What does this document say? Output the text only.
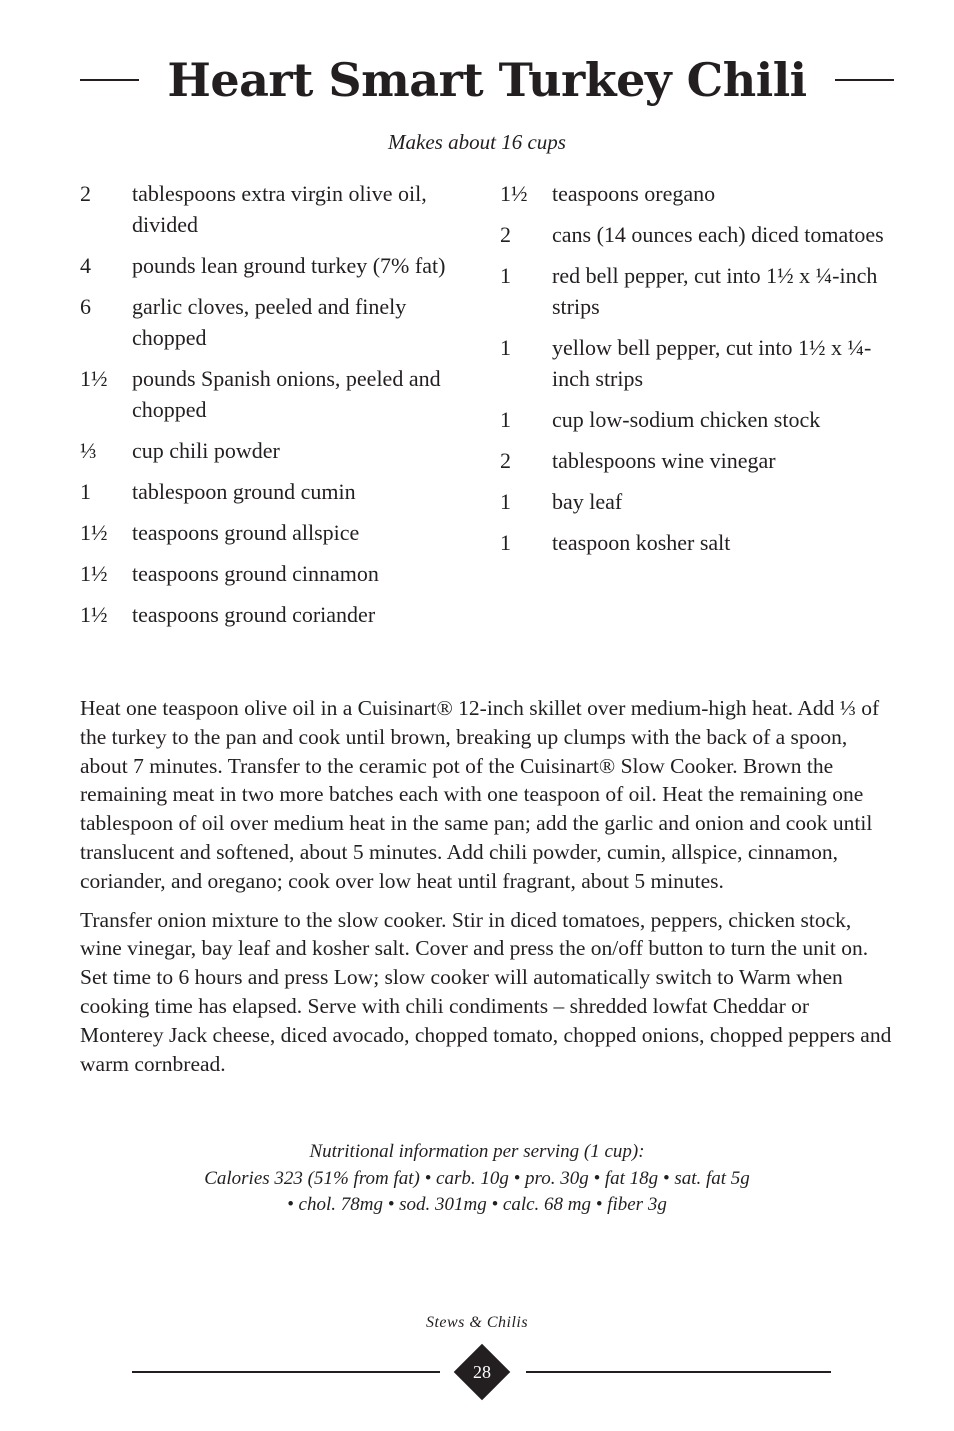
Heart Smart Turkey Chili
Makes about 16 cups
2	tablespoons extra virgin olive oil, divided
4	pounds lean ground turkey (7% fat)
6	garlic cloves, peeled and finely chopped
1½	pounds Spanish onions, peeled and chopped
⅓	cup chili powder
1	tablespoon ground cumin
1½	teaspoons ground allspice
1½	teaspoons ground cinnamon
1½	teaspoons ground coriander
1½	teaspoons oregano
2	cans (14 ounces each) diced tomatoes
1	red bell pepper, cut into 1½ x ¼-inch strips
1	yellow bell pepper, cut into 1½ x ¼-inch strips
1	cup low-sodium chicken stock
2	tablespoons wine vinegar
1	bay leaf
1	teaspoon kosher salt

Heat one teaspoon olive oil in a Cuisinart® 12-inch skillet over medium-high heat. Add ⅓ of the turkey to the pan and cook until brown, breaking up clumps with the back of a spoon, about 7 minutes. Transfer to the ceramic pot of the Cuisinart® Slow Cooker. Brown the remaining meat in two more batches each with one teaspoon of oil. Heat the remaining one tablespoon of oil over medium heat in the same pan; add the garlic and onion and cook until translucent and softened, about 5 minutes. Add chili powder, cumin, allspice, cinnamon, coriander, and oregano; cook over low heat until fragrant, about 5 minutes.

Transfer onion mixture to the slow cooker. Stir in diced tomatoes, peppers, chicken stock, wine vinegar, bay leaf and kosher salt. Cover and press the on/off button to turn the unit on. Set time to 6 hours and press Low; slow cooker will automatically switch to Warm when cooking time has elapsed. Serve with chili condiments – shredded lowfat Cheddar or Monterey Jack cheese, diced avocado, chopped tomato, chopped onions, chopped peppers and warm cornbread.

Nutritional information per serving (1 cup):
Calories 323 (51% from fat) • carb. 10g • pro. 30g • fat 18g • sat. fat 5g
• chol. 78mg • sod. 301mg • calc. 68 mg • fiber 3g
Stews & Chilis
28
